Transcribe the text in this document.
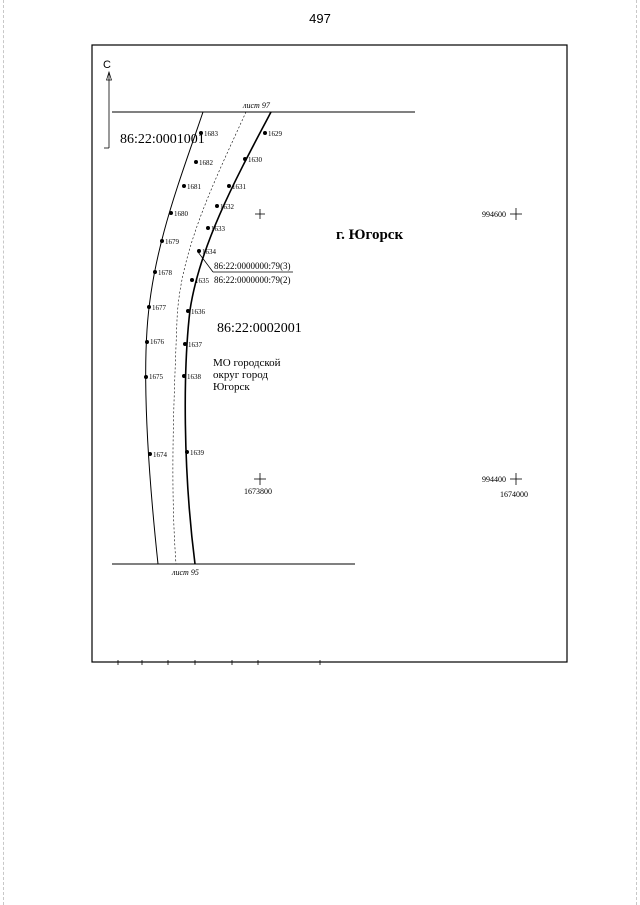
497
С
лист 97
лист 95
1683
1682
1681
1680
1679
1678
1677
1676
1675
1674
1629
1630
1631
1632
1633
1634
1635
1636
1637
1638
1639
86:22:0001001
г. Югорск
86:22:0000000:79(3)
86:22:0000000:79(2)
86:22:0002001
МО городской
округ город
Югорск
994600
994400
1673800	1674000
